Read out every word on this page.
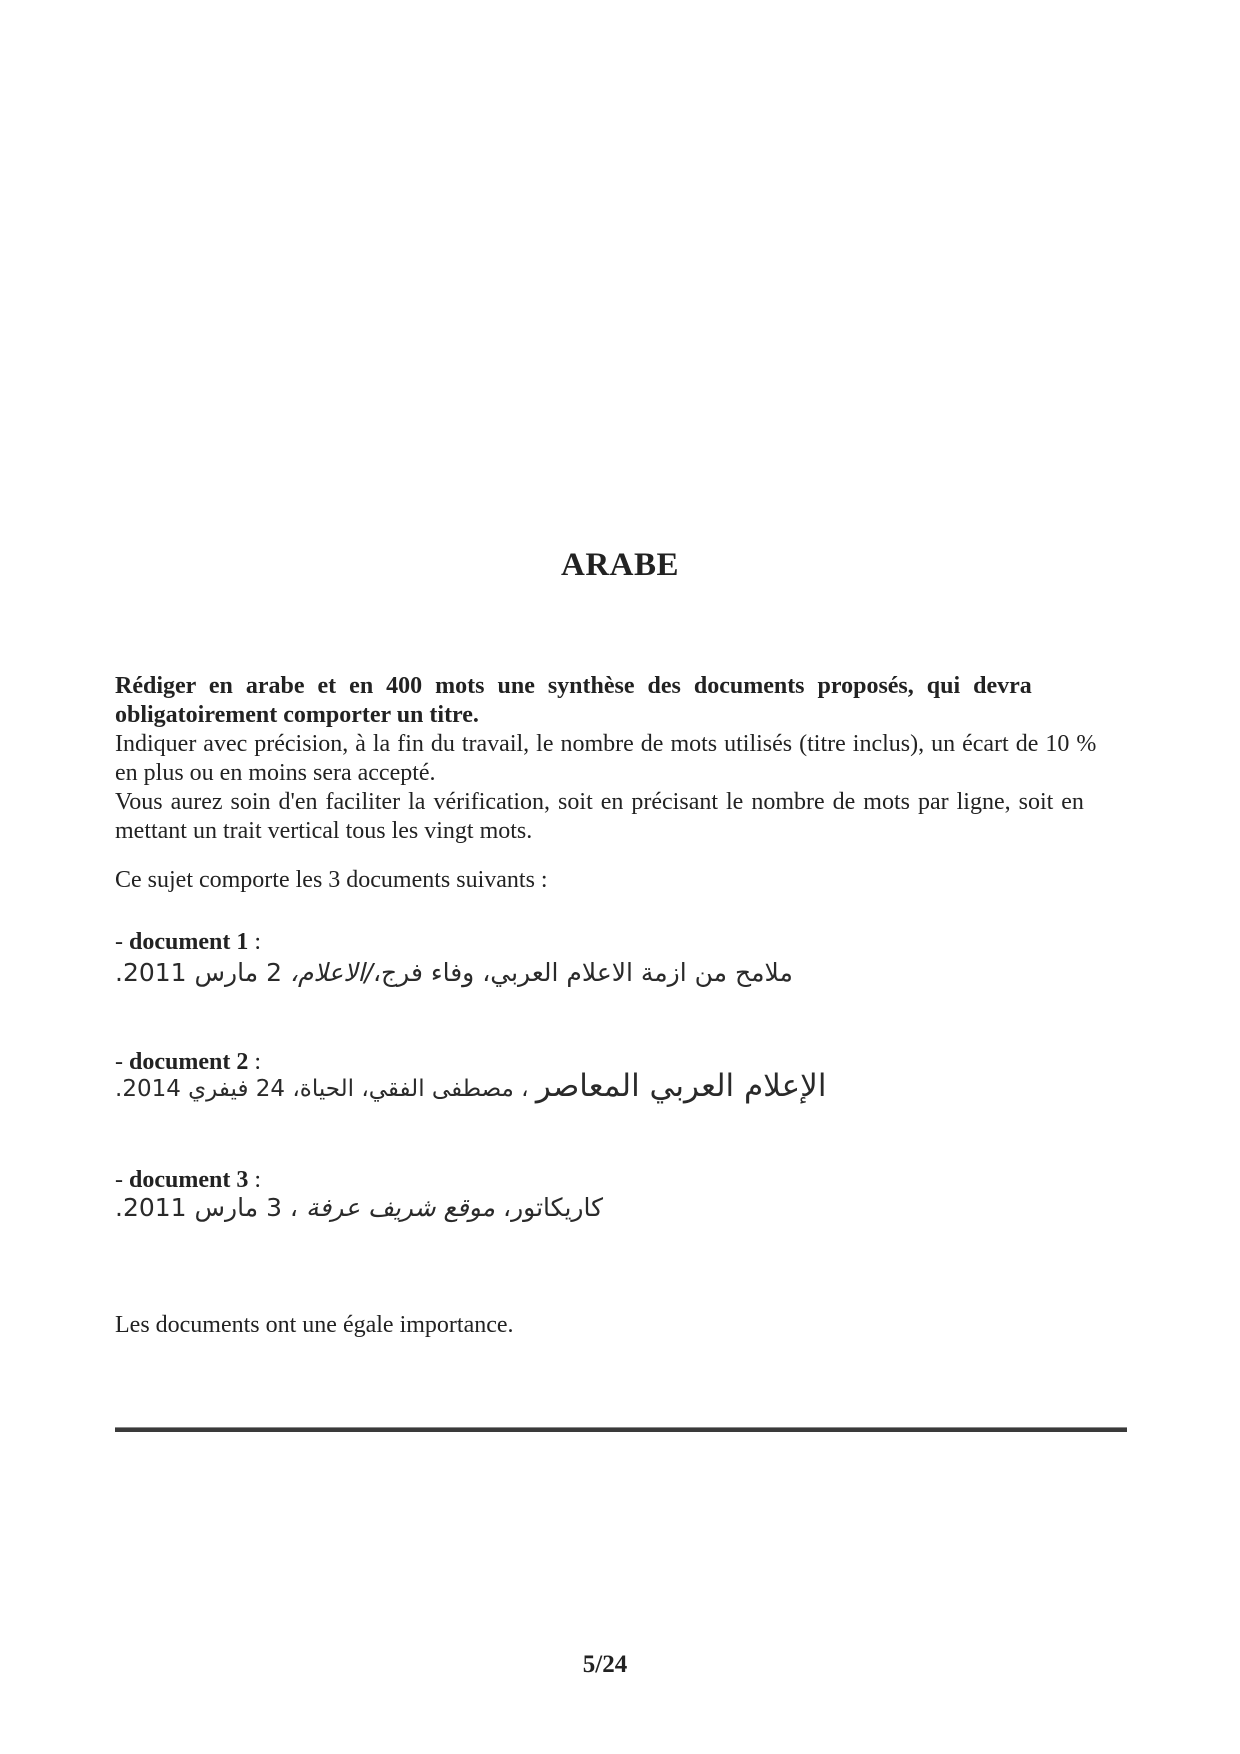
ARABE
Rédiger en arabe et en 400 mots une synthèse des documents proposés, qui devra
obligatoirement comporter un titre.
Indiquer avec précision, à la fin du travail, le nombre de mots utilisés (titre inclus), un écart de 10 %
en plus ou en moins sera accepté.
Vous aurez soin d'en faciliter la vérification, soit en précisant le nombre de mots par ligne, soit en
mettant un trait vertical tous les vingt mots.
Ce sujet comporte les 3 documents suivants :
- document 1 :
ملامح من ازمة الاعلام العربي، وفاء فرج،/الاعلام، 2 مارس 2011.
- document 2 :
الإعلام العربي المعاصر ، مصطفى الفقي، الحياة، 24 فيفري 2014.
- document 3 :
كاريكاتور، موقع شريف عرفة ، 3 مارس 2011.
Les documents ont une égale importance.
5/24
